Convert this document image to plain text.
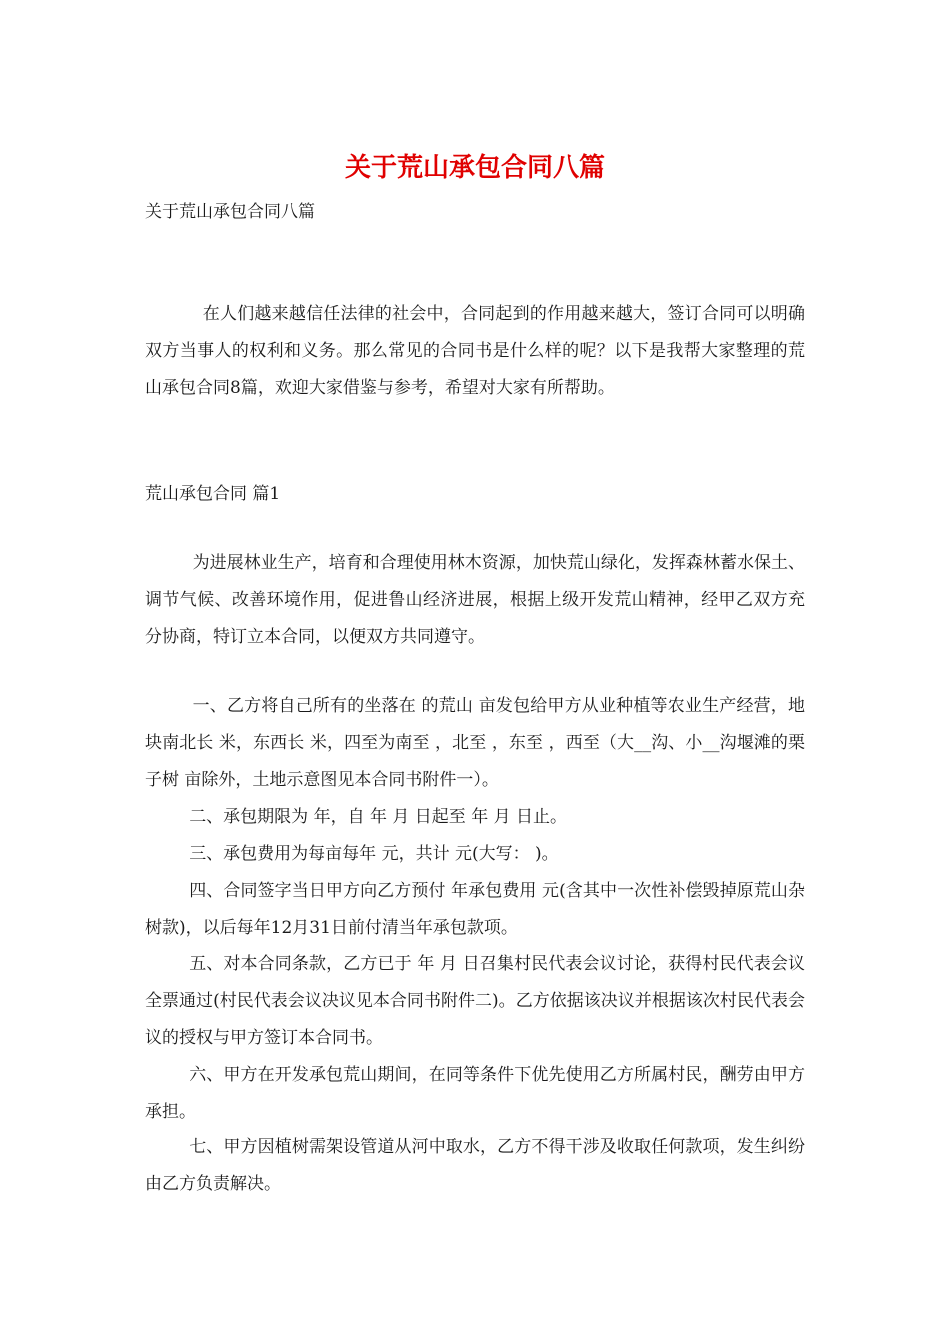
关于荒山承包合同八篇
关于荒山承包合同八篇

在人们越来越信任法律的社会中，合同起到的作用越来越大，签订合同可以明确双方当事人的权利和义务。那么常见的合同书是什么样的呢？以下是我帮大家整理的荒山承包合同8篇，欢迎大家借鉴与参考，希望对大家有所帮助。

荒山承包合同 篇1

为进展林业生产，培育和合理使用林木资源，加快荒山绿化，发挥森林蓄水保土、调节气候、改善环境作用，促进鲁山经济进展，根据上级开发荒山精神，经甲乙双方充分协商，特订立本合同，以便双方共同遵守。

一、乙方将自己所有的坐落在 的荒山 亩发包给甲方从业种植等农业生产经营，地块南北长 米，东西长 米，四至为南至 ，北至 ，东至 ，西至（大__沟、小__沟堰滩的栗子树 亩除外，土地示意图见本合同书附件一）。

二、承包期限为 年，自 年 月 日起至 年 月 日止。

三、承包费用为每亩每年 元，共计 元(大写： )。

四、合同签字当日甲方向乙方预付 年承包费用 元(含其中一次性补偿毁掉原荒山杂树款)，以后每年12月31日前付清当年承包款项。

五、对本合同条款，乙方已于 年 月 日召集村民代表会议讨论，获得村民代表会议全票通过(村民代表会议决议见本合同书附件二)。乙方依据该决议并根据该次村民代表会议的授权与甲方签订本合同书。

六、甲方在开发承包荒山期间，在同等条件下优先使用乙方所属村民，酬劳由甲方承担。

七、甲方因植树需架设管道从河中取水，乙方不得干涉及收取任何款项，发生纠纷由乙方负责解决。
